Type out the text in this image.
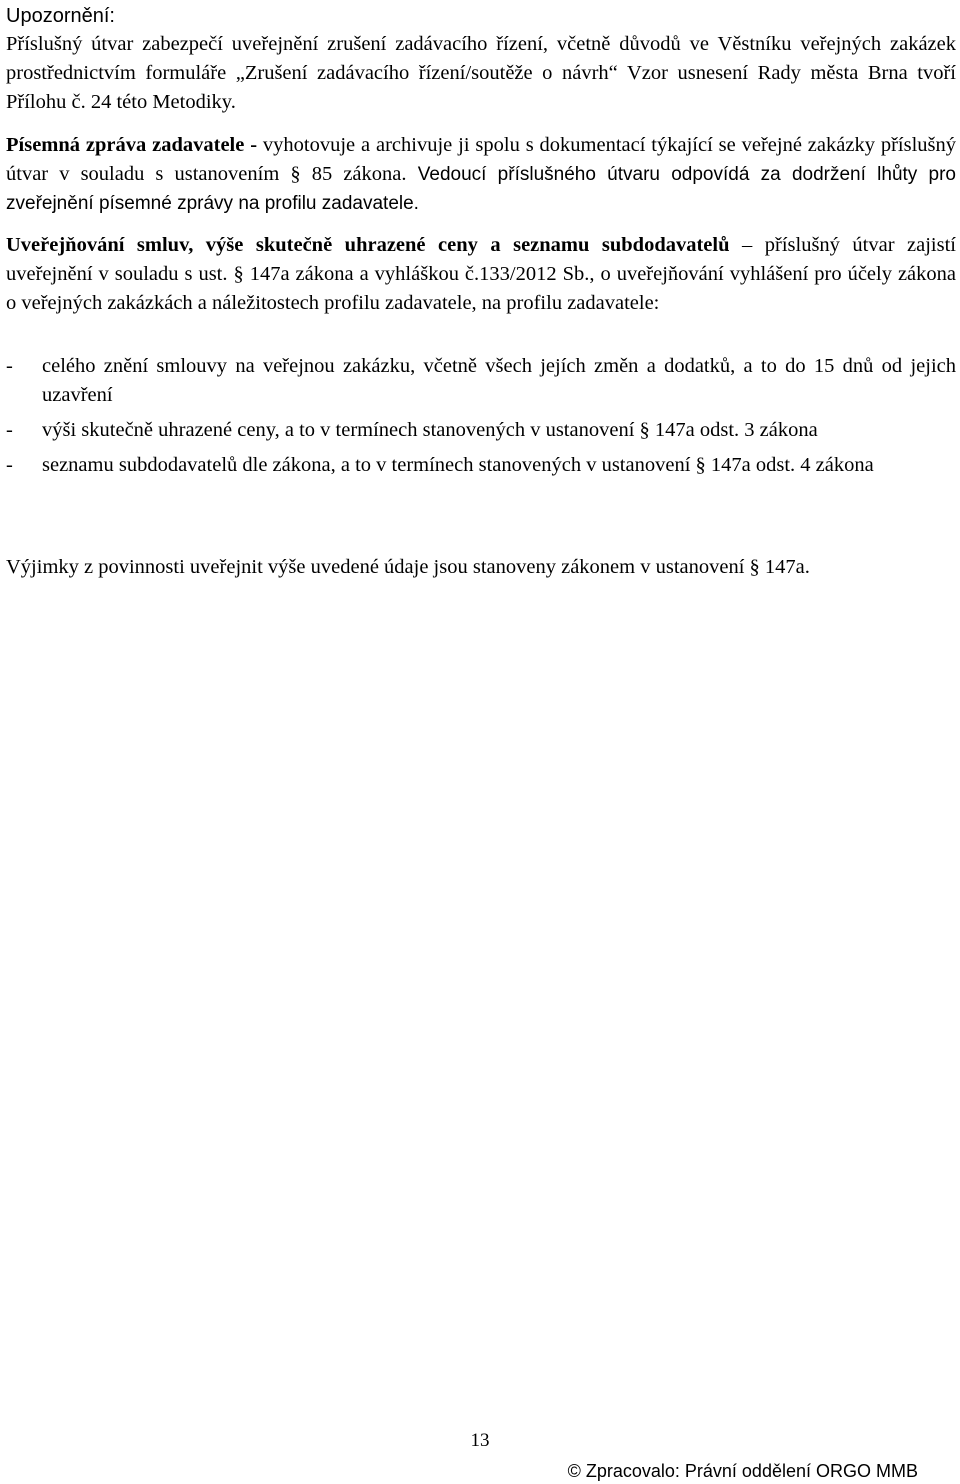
Upozornění:

Příslušný útvar zabezpečí uveřejnění zrušení zadávacího řízení, včetně důvodů ve Věstníku veřejných zakázek prostřednictvím formuláře „Zrušení zadávacího řízení/soutěže o návrh“ Vzor usnesení Rady města Brna tvoří Přílohu č. 24 této Metodiky.

Písemná zpráva zadavatele - vyhotovuje a archivuje ji spolu s dokumentací týkající se veřejné zakázky příslušný útvar v souladu s ustanovením § 85 zákona. Vedoucí příslušného útvaru odpovídá za dodržení lhůty pro zveřejnění písemné zprávy na profilu zadavatele.

Uveřejňování smluv, výše skutečně uhrazené ceny a seznamu subdodavatelů – příslušný útvar zajistí uveřejnění v souladu s ust. § 147a zákona a vyhláškou č.133/2012 Sb., o uveřejňování vyhlášení pro účely zákona o veřejných zakázkách a náležitostech profilu zadavatele, na profilu zadavatele:

- celého znění smlouvy na veřejnou zakázku, včetně všech jejích změn a dodatků, a to do 15 dnů od jejich uzavření
- výši skutečně uhrazené ceny, a to v termínech stanovených v ustanovení § 147a odst. 3 zákona
- seznamu subdodavatelů dle zákona, a to v termínech stanovených v ustanovení § 147a odst. 4 zákona

Výjimky z povinnosti uveřejnit výše uvedené údaje jsou stanoveny zákonem v ustanovení § 147a.

13
© Zpracovalo: Právní oddělení ORGO MMB
